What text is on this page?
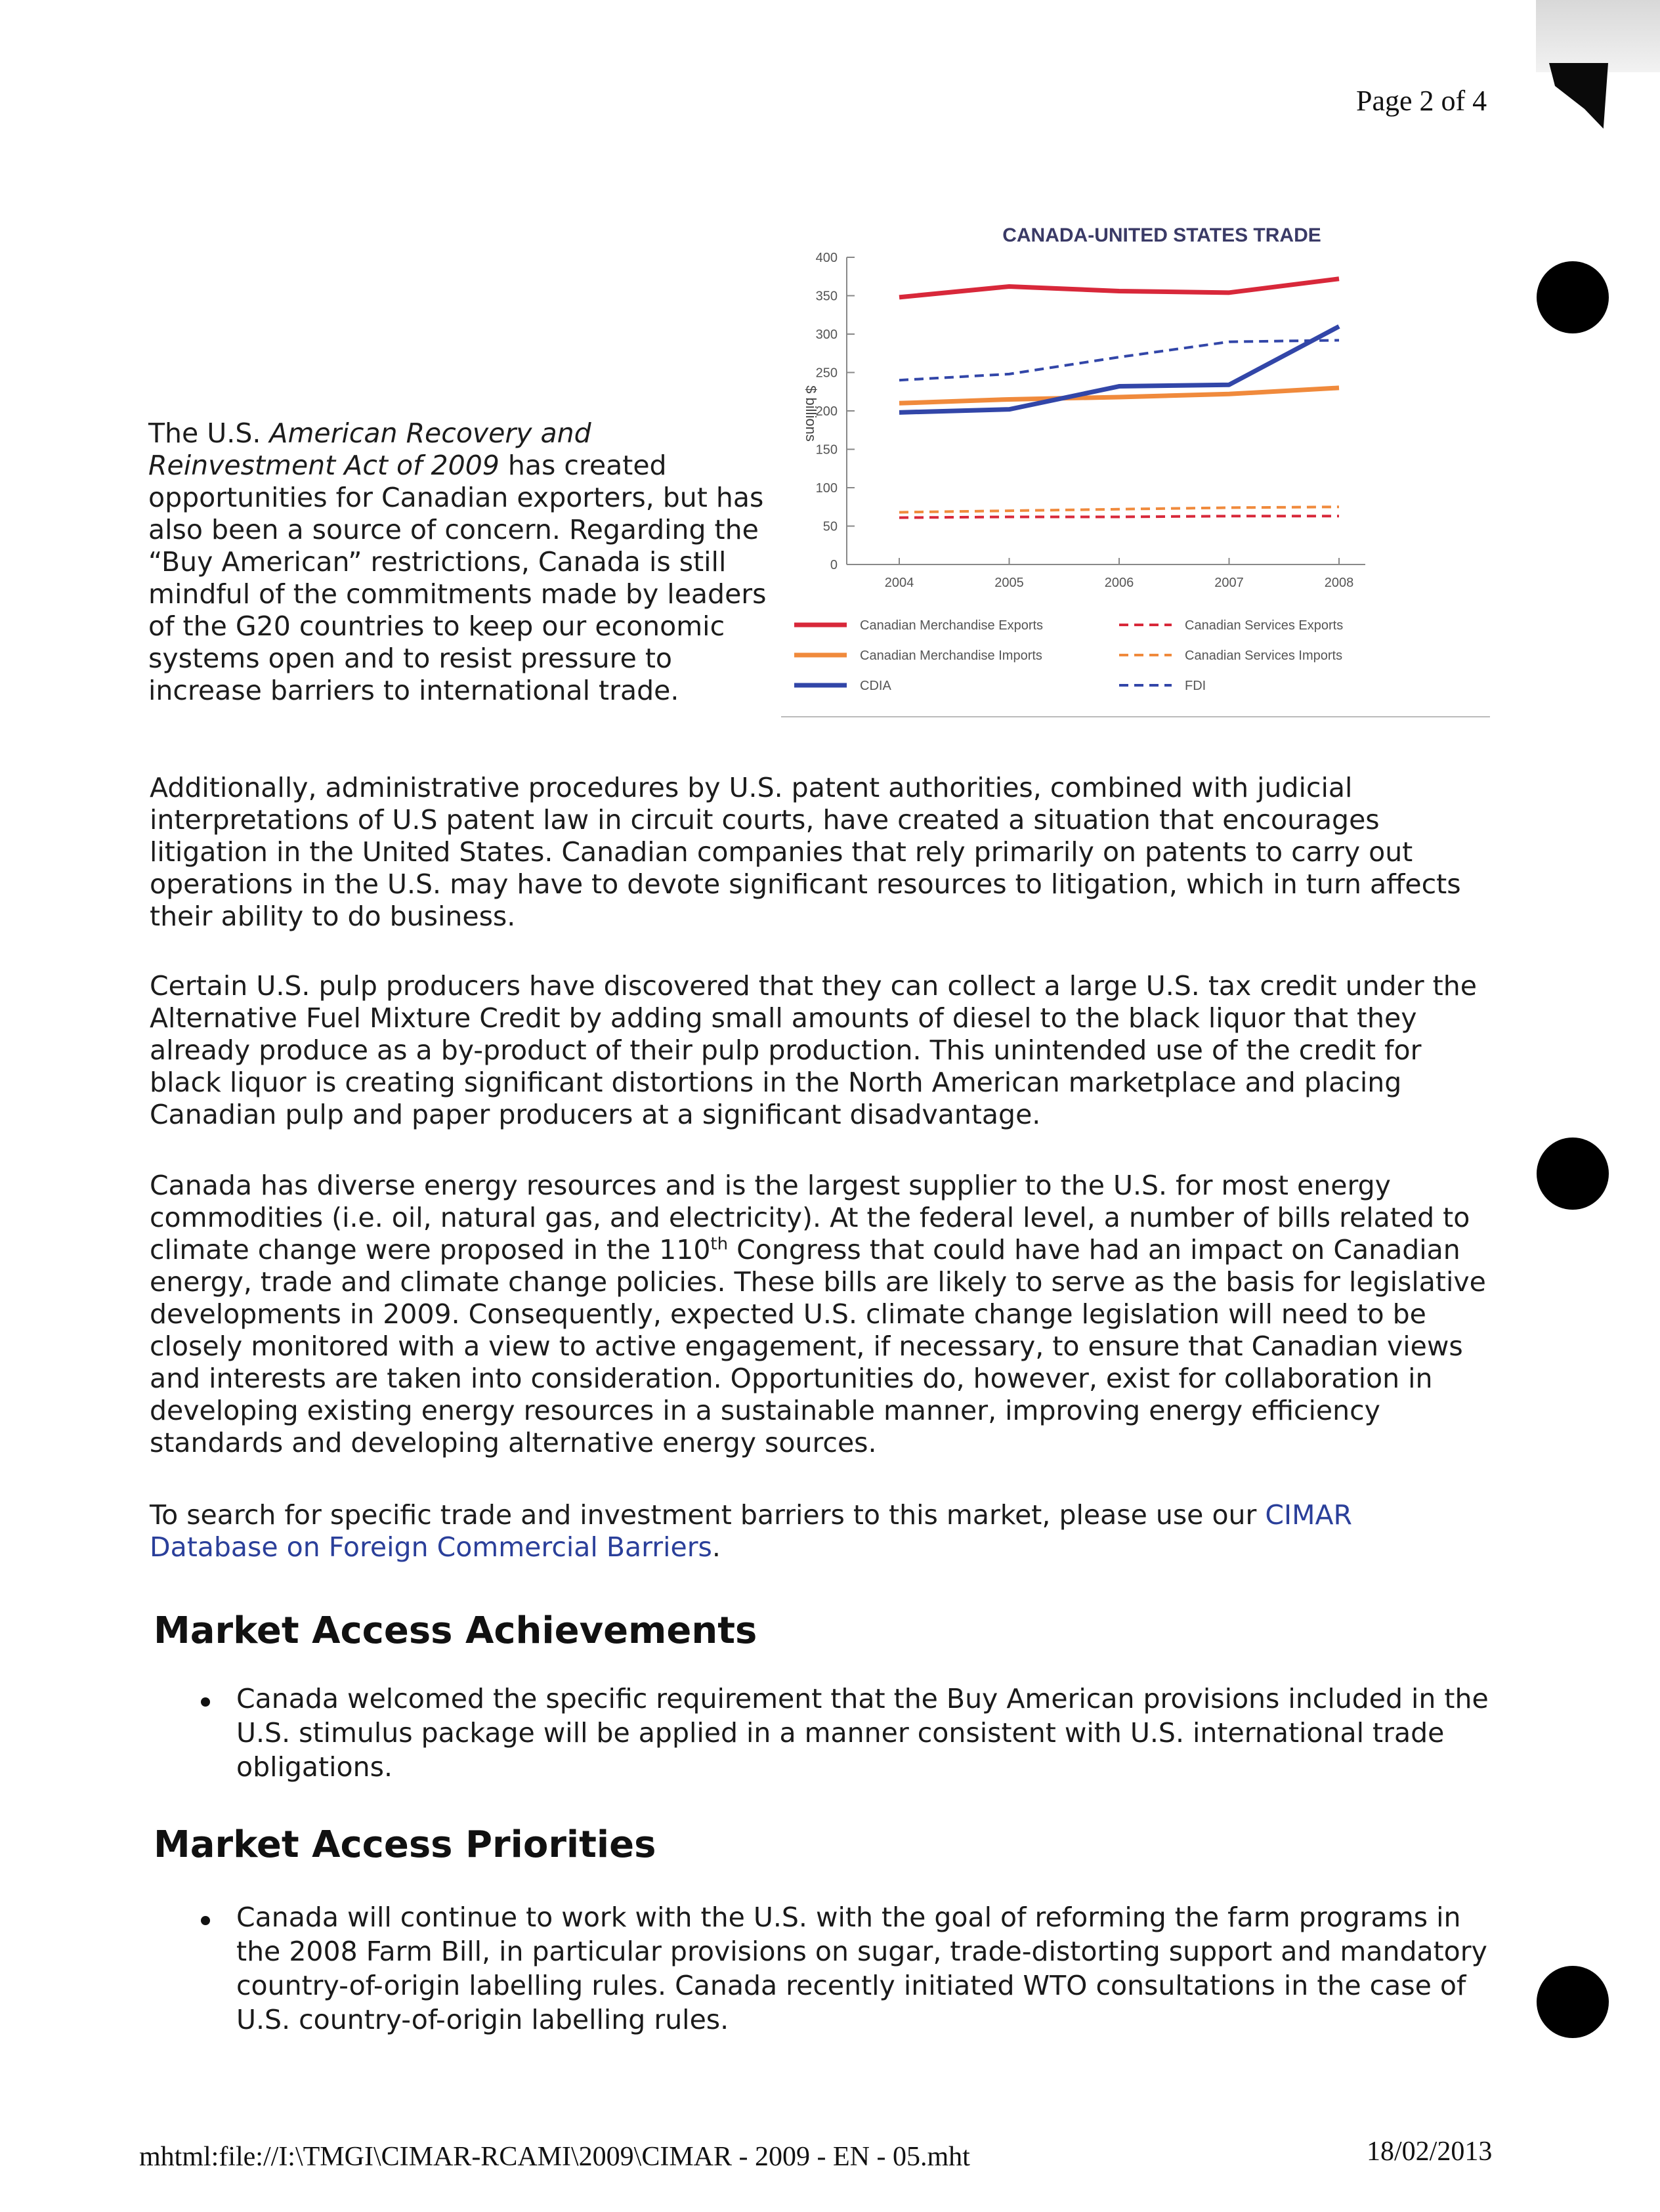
Page 2 of 4
The U.S. American Recovery and Reinvestment Act of 2009 has created opportunities for Canadian exporters, but has also been a source of concern. Regarding the “Buy American” restrictions, Canada is still mindful of the commitments made by leaders of the G20 countries to keep our economic systems open and to resist pressure to increase barriers to international trade.
CANADA-UNITED STATES TRADE
$ billions
0
50
100
150
200
250
300
350
400
2004	2005	2006	2007	2008
Canadian Merchandise Exports
Canadian Merchandise Imports
CDIA
Canadian Services Exports
Canadian Services Imports
FDI
Additionally, administrative procedures by U.S. patent authorities, combined with judicial interpretations of U.S patent law in circuit courts, have created a situation that encourages litigation in the United States. Canadian companies that rely primarily on patents to carry out operations in the U.S. may have to devote significant resources to litigation, which in turn affects their ability to do business.
Certain U.S. pulp producers have discovered that they can collect a large U.S. tax credit under the Alternative Fuel Mixture Credit by adding small amounts of diesel to the black liquor that they already produce as a by-product of their pulp production. This unintended use of the credit for black liquor is creating significant distortions in the North American marketplace and placing Canadian pulp and paper producers at a significant disadvantage.
Canada has diverse energy resources and is the largest supplier to the U.S. for most energy commodities (i.e. oil, natural gas, and electricity). At the federal level, a number of bills related to climate change were proposed in the 110th Congress that could have had an impact on Canadian energy, trade and climate change policies. These bills are likely to serve as the basis for legislative developments in 2009. Consequently, expected U.S. climate change legislation will need to be closely monitored with a view to active engagement, if necessary, to ensure that Canadian views and interests are taken into consideration. Opportunities do, however, exist for collaboration in developing existing energy resources in a sustainable manner, improving energy efficiency standards and developing alternative energy sources.
To search for specific trade and investment barriers to this market, please use our CIMAR Database on Foreign Commercial Barriers.
Market Access Achievements
Canada welcomed the specific requirement that the Buy American provisions included in the U.S. stimulus package will be applied in a manner consistent with U.S. international trade obligations.
Market Access Priorities
Canada will continue to work with the U.S. with the goal of reforming the farm programs in the 2008 Farm Bill, in particular provisions on sugar, trade-distorting support and mandatory country-of-origin labelling rules. Canada recently initiated WTO consultations in the case of U.S. country-of-origin labelling rules.
mhtml:file://I:\TMGI\CIMAR-RCAMI\2009\CIMAR - 2009 - EN - 05.mht	18/02/2013
